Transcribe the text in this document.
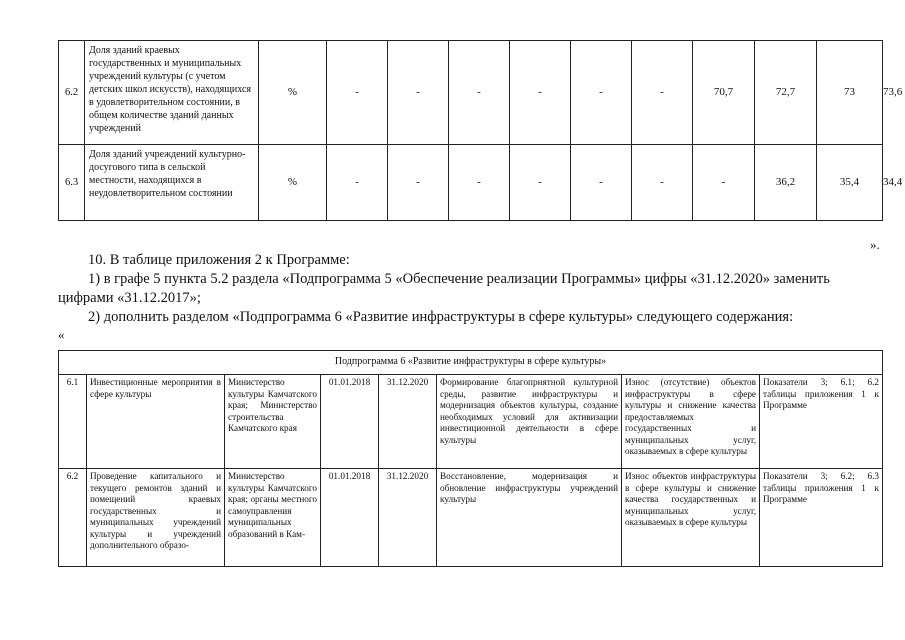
6.2	Доля зданий краевых государственных и муниципальных учреждений культуры (с учетом детских школ искусств), находящихся в удовлетворительном состоянии, в общем количестве зданий данных учреждений	%	-	-	-	-	-	-	70,7	72,7	73	73,6
6.3	Доля зданий учреждений культурно-досугового типа в сельской местности, находящихся в неудовлетворительном состоянии	%	-	-	-	-	-	-	-	36,2	35,4	34,4
».

10. В таблице приложения 2 к Программе:

1) в графе 5 пункта 5.2 раздела «Подпрограмма 5 «Обеспечение реализации Программы» цифры «31.12.2020» заменить

цифрами «31.12.2017»;

2) дополнить разделом «Подпрограмма 6 «Развитие инфраструктуры в сфере культуры» следующего содержания:

«
Подпрограмма 6 «Развитие инфраструктуры в сфере культуры»							
6.1	Инвестиционные мероприятия в сфере культуры	Министерство культуры Камчатского края; Министерство строительства Камчатского края	01.01.2018	31.12.2020	Формирование благоприятной культурной среды, развитие инфраструктуры и модернизация объектов культуры, создание необходимых условий для активизации инвестиционной деятельности в сфере культуры	Износ (отсутствие) объектов инфраструктуры в сфере культуры и снижение качества предоставляемых государственных и муниципальных услуг, оказываемых в сфере культуры	Показатели 3; 6.1; 6.2 таблицы приложения 1 к Программе
6.2	Проведение капитального и текущего ремонтов зданий и помещений краевых государственных и муниципальных учреждений культуры и учреждений дополнительного образо-	Министерство культуры Камчатского края; органы местного самоуправления муниципальных образований в Кам-	01.01.2018	31.12.2020	Восстановление, модернизация и обновление инфраструктуры учреждений культуры	Износ объектов инфраструктуры в сфере культуры и снижение качества государственных и муниципальных услуг, оказываемых в сфере культуры	Показатели 3; 6.2; 6.3 таблицы приложения 1 к Программе
